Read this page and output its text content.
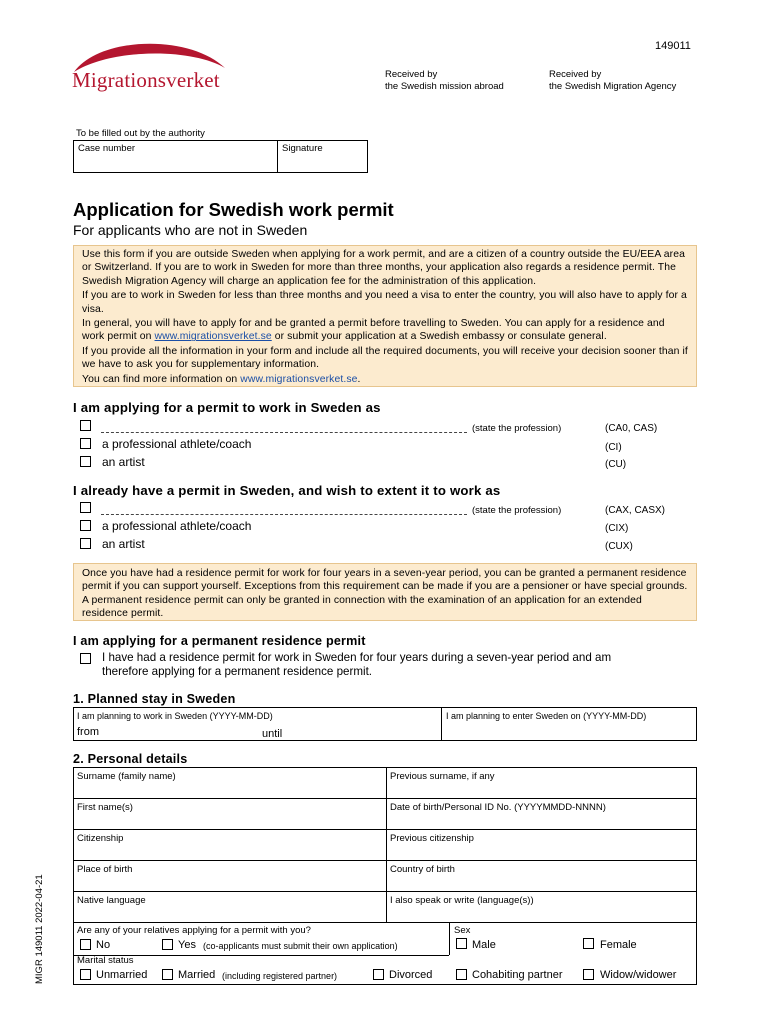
149011
Migrationsverket	Received by
the Swedish mission abroad
Received by
the Swedish Migration Agency
To be filled out by the authority
Case number	Signature
Application for Swedish work permit
For applicants who are not in Sweden

Use this form if you are outside Sweden when applying for a work permit, and are a citizen of a country outside the EU/EEA area or Switzerland. If you are to work in Sweden for more than three months, your application also regards a residence permit. The Swedish Migration Agency will charge an application fee for the administration of this application.

If you are to work in Sweden for less than three months and you need a visa to enter the country, you will also have to apply for a visa.

In general, you will have to apply for and be granted a permit before travelling to Sweden. You can apply for a residence and work permit on www.migrationsverket.se or submit your application at a Swedish embassy or consulate general.

If you provide all the information in your form and include all the required documents, you will receive your decision sooner than if we have to ask you for supplementary information.

You can find more information on www.migrationsverket.se.

I am applying for a permit to work in Sweden as
(state the profession)	(CA0, CAS)
a professional athlete/coach	(CI)
an artist	(CU)
I already have a permit in Sweden, and wish to extent it to work as
(state the profession)	(CAX, CASX)
a professional athlete/coach	(CIX)
an artist	(CUX)

Once you have had a residence permit for work for four years in a seven-year period, you can be granted a permanent residence permit if you can support yourself. Exceptions from this requirement can be made if you are a pensioner or have special grounds. A permanent residence permit can only be granted in connection with the examination of an application for an extended residence permit.

I am applying for a permanent residence permit
I have had a residence permit for work in Sweden for four years during a seven-year period and am
therefore applying for a permanent residence permit.
1. Planned stay in Sweden
I am planning to work in Sweden (YYYY-MM-DD)
from	until
I am planning to enter Sweden on (YYYY-MM-DD)
2. Personal details
Surname (family name)	Previous surname, if any
First name(s)	Date of birth/Personal ID No. (YYYYMMDD-NNNN)
Citizenship	Previous citizenship
Place of birth	Country of birth
Native language	I also speak or write (language(s))
Are any of your relatives applying for a permit with you?
No	Yes (co-applicants must submit their own application)
Sex
Male	Female
Marital status
Unmarried	Married (including registered partner)	Divorced	Cohabiting partner	Widow/widower
MIGR 149011 2022-04-21
